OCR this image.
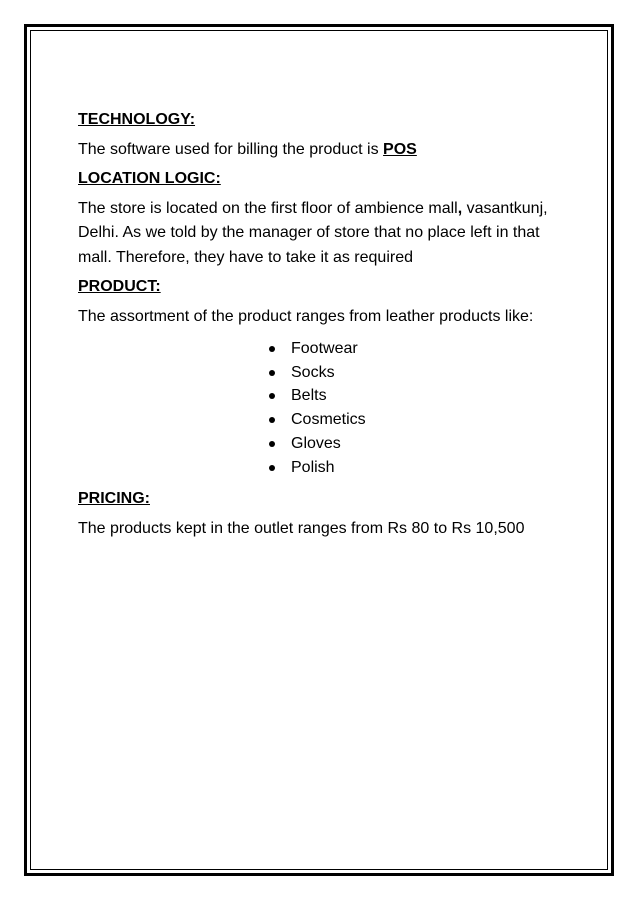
TECHNOLOGY:

The software used for billing the product is POS

LOCATION LOGIC:

The store is located on the first floor of ambience mall, vasantkunj, Delhi. As we told by the manager of store that no place left in that mall. Therefore, they have to take it as required

PRODUCT:

The assortment of the product ranges from leather products like:

Footwear
Socks
Belts
Cosmetics
Gloves
Polish

PRICING:

The products kept in the outlet ranges from Rs 80 to Rs 10,500
